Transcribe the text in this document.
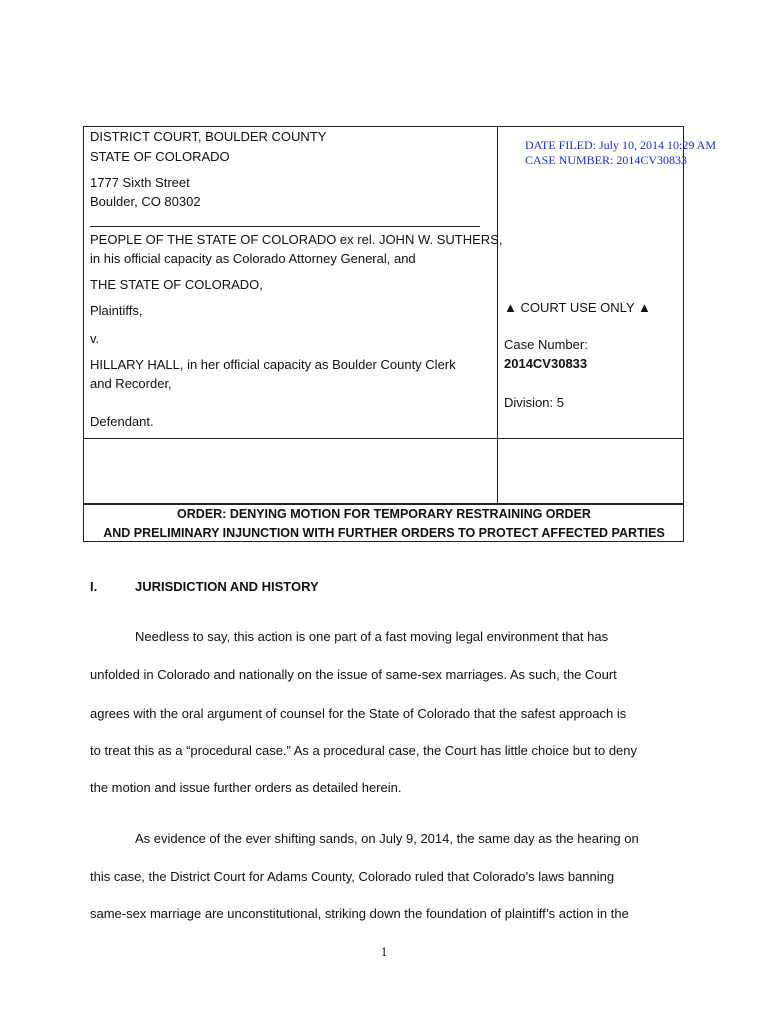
DISTRICT COURT, BOULDER COUNTY
STATE OF COLORADO
1777 Sixth Street
Boulder, CO 80302
PEOPLE OF THE STATE OF COLORADO ex rel. JOHN W. SUTHERS,
in his official capacity as Colorado Attorney General, and
THE STATE OF COLORADO,
Plaintiffs,
v.
HILLARY HALL, in her official capacity as Boulder County Clerk
and Recorder,
Defendant.
DATE FILED: July 10, 2014 10:29 AM
CASE NUMBER: 2014CV30833
▲ COURT USE ONLY ▲
Case Number:
2014CV30833
Division: 5
ORDER: DENYING MOTION FOR TEMPORARY RESTRAINING ORDER
AND PRELIMINARY INJUNCTION WITH FURTHER ORDERS TO PROTECT AFFECTED PARTIES
I.	JURISDICTION AND HISTORY
Needless to say, this action is one part of a fast moving legal environment that has
unfolded in Colorado and nationally on the issue of same-sex marriages. As such, the Court
agrees with the oral argument of counsel for the State of Colorado that the safest approach is
to treat this as a “procedural case.” As a procedural case, the Court has little choice but to deny
the motion and issue further orders as detailed herein.
As evidence of the ever shifting sands, on July 9, 2014, the same day as the hearing on
this case, the District Court for Adams County, Colorado ruled that Colorado’s laws banning
same-sex marriage are unconstitutional, striking down the foundation of plaintiff’s action in the
1
